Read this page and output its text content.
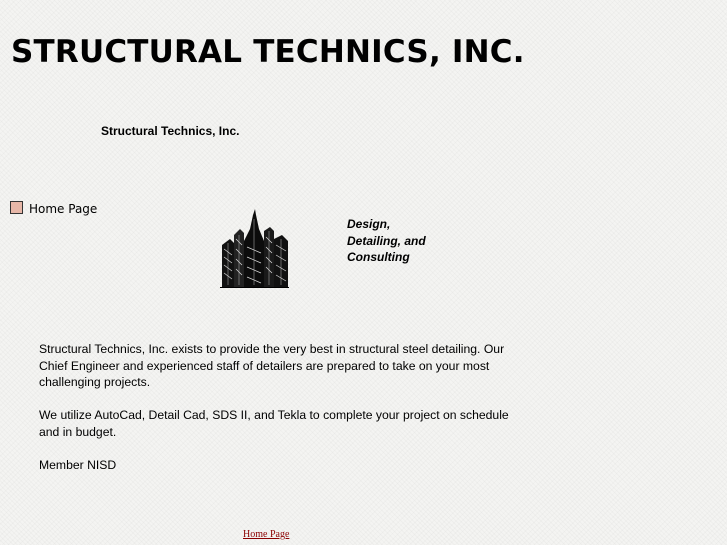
STRUCTURAL TECHNICS, INC.
Structural Technics, Inc.
Home Page
Design,
Detailing, and
Consulting

Structural Technics, Inc. exists to provide the very best in structural steel detailing. Our Chief Engineer and experienced staff of detailers are prepared to take on your most challenging projects.

We utilize AutoCad, Detail Cad, SDS II, and Tekla to complete your project on schedule and in budget.

Member NISD

Home Page
